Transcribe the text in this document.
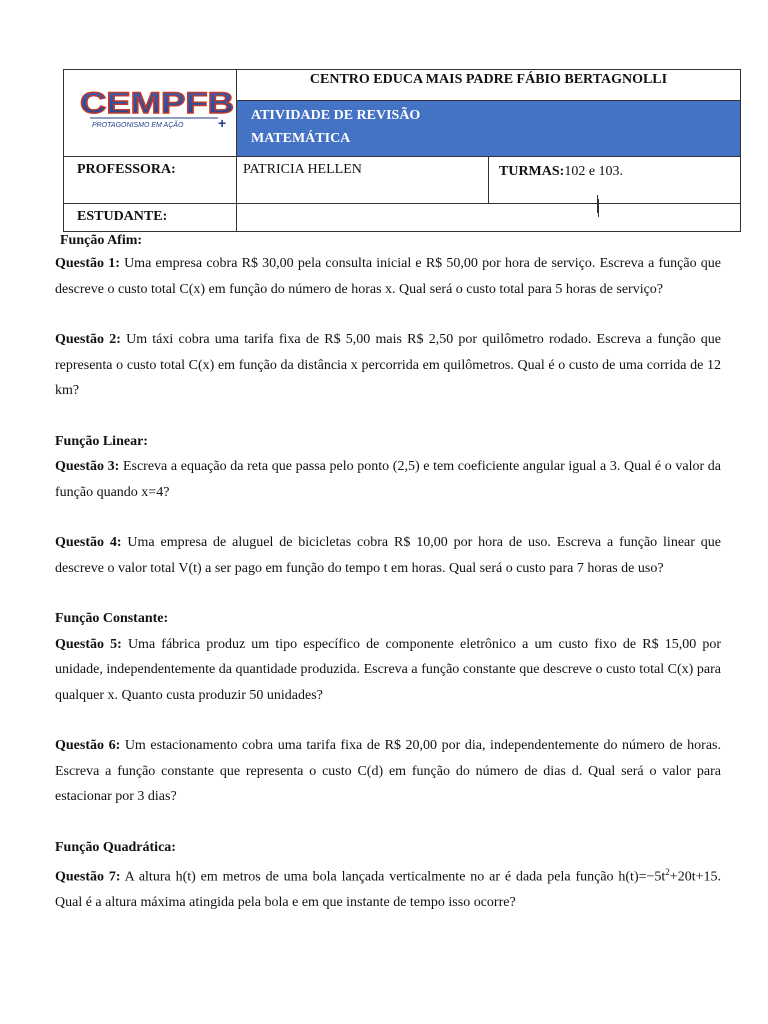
CEMPFB
PROTAGONISMO EM AÇÃO +	CENTRO EDUCA MAIS PADRE FÁBIO BERTAGNOLLI	

	ATIVIDADE DE REVISÃO
MATEMÁTICA	

PROFESSORA:	PATRICIA HELLEN	TURMAS:102 e 103.
ESTUDANTE:		

Função Afim:

Questão 1: Uma empresa cobra R$ 30,00 pela consulta inicial e R$ 50,00 por hora de serviço. Escreva a função que descreve o custo total C(x) em função do número de horas x. Qual será o custo total para 5 horas de serviço?

Questão 2: Um táxi cobra uma tarifa fixa de R$ 5,00 mais R$ 2,50 por quilômetro rodado. Escreva a função que representa o custo total C(x) em função da distância x percorrida em quilômetros. Qual é o custo de uma corrida de 12 km?

Função Linear:

Questão 3: Escreva a equação da reta que passa pelo ponto (2,5) e tem coeficiente angular igual a 3. Qual é o valor da função quando x=4?

Questão 4: Uma empresa de aluguel de bicicletas cobra R$ 10,00 por hora de uso. Escreva a função linear que descreve o valor total V(t) a ser pago em função do tempo t em horas. Qual será o custo para 7 horas de uso?

Função Constante:

Questão 5: Uma fábrica produz um tipo específico de componente eletrônico a um custo fixo de R$ 15,00 por unidade, independentemente da quantidade produzida. Escreva a função constante que descreve o custo total C(x) para qualquer x. Quanto custa produzir 50 unidades?

Questão 6: Um estacionamento cobra uma tarifa fixa de R$ 20,00 por dia, independentemente do número de horas. Escreva a função constante que representa o custo C(d) em função do número de dias d. Qual será o valor para estacionar por 3 dias?

Função Quadrática:

Questão 7: A altura h(t) em metros de uma bola lançada verticalmente no ar é dada pela função $h(t)=-5t^2+20t+15$. Qual é a altura máxima atingida pela bola e em que instante de tempo isso ocorre?
